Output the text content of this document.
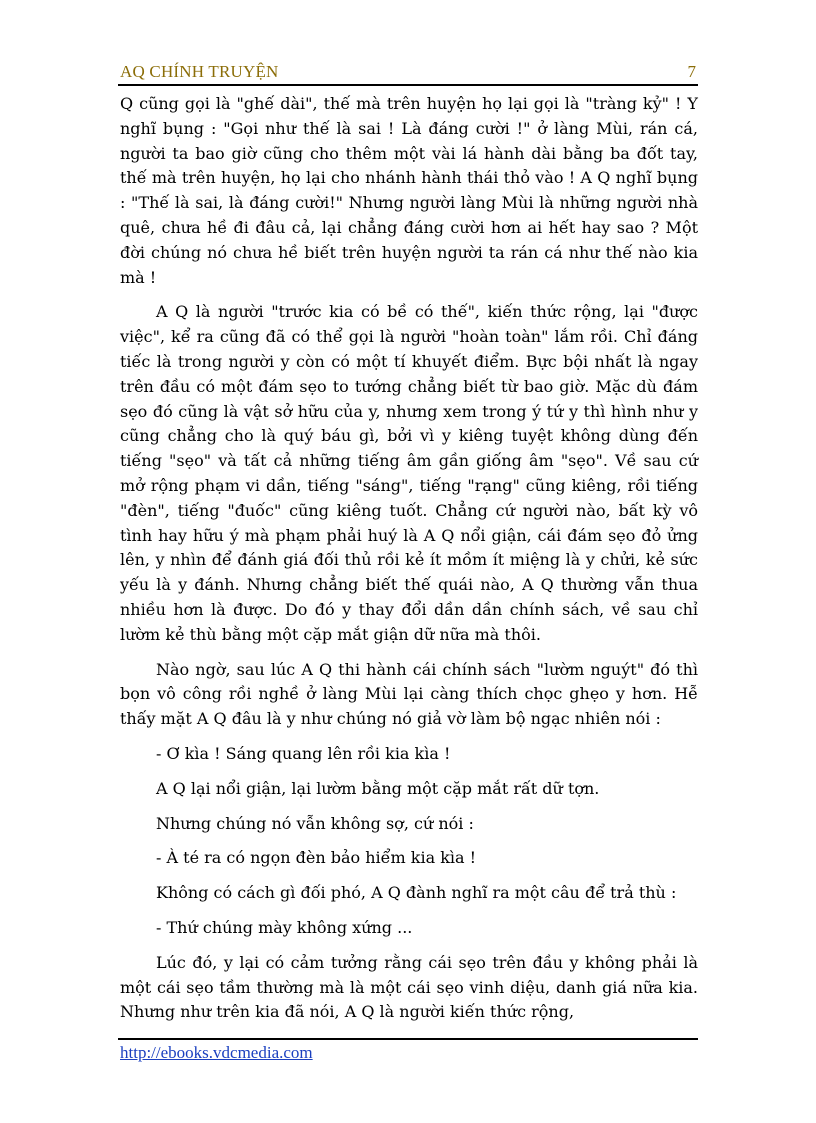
AQ CHÍNH TRUYỆN	7

Q cũng gọi là "ghế dài", thế mà trên huyện họ lại gọi là "tràng kỷ" ! Y nghĩ bụng : "Gọi như thế là sai ! Là đáng cười !" ở làng Mùi, rán cá, người ta bao giờ cũng cho thêm một vài lá hành dài bằng ba đốt tay, thế mà trên huyện, họ lại cho nhánh hành thái thỏ vào ! A Q nghĩ bụng : "Thế là sai, là đáng cười!" Nhưng người làng Mùi là những người nhà quê, chưa hề đi đâu cả, lại chẳng đáng cười hơn ai hết hay sao ? Một đời chúng nó chưa hề biết trên huyện người ta rán cá như thế nào kia mà !

A Q là người "trước kia có bề có thế", kiến thức rộng, lại "được việc", kể ra cũng đã có thể gọi là người "hoàn toàn" lắm rồi. Chỉ đáng tiếc là trong người y còn có một tí khuyết điểm. Bực bội nhất là ngay trên đầu có một đám sẹo to tướng chẳng biết từ bao giờ. Mặc dù đám sẹo đó cũng là vật sở hữu của y, nhưng xem trong ý tứ y thì hình như y cũng chẳng cho là quý báu gì, bởi vì y kiêng tuyệt không dùng đến tiếng "sẹo" và tất cả những tiếng âm gần giống âm "sẹo". Về sau cứ mở rộng phạm vi dần, tiếng "sáng", tiếng "rạng" cũng kiêng, rồi tiếng "đèn", tiếng "đuốc" cũng kiêng tuốt. Chẳng cứ người nào, bất kỳ vô tình hay hữu ý mà phạm phải huý là A Q nổi giận, cái đám sẹo đỏ ửng lên, y nhìn để đánh giá đối thủ rồi kẻ ít mồm ít miệng là y chửi, kẻ sức yếu là y đánh. Nhưng chẳng biết thế quái nào, A Q thường vẫn thua nhiều hơn là được. Do đó y thay đổi dần dần chính sách, về sau chỉ lườm kẻ thù bằng một cặp mắt giận dữ nữa mà thôi.

Nào ngờ, sau lúc A Q thi hành cái chính sách "lườm nguýt" đó thì bọn vô công rồi nghề ở làng Mùi lại càng thích chọc ghẹo y hơn. Hễ thấy mặt A Q đâu là y như chúng nó giả vờ làm bộ ngạc nhiên nói :

- Ơ kìa ! Sáng quang lên rồi kia kìa !

A Q lại nổi giận, lại lườm bằng một cặp mắt rất dữ tợn.

Nhưng chúng nó vẫn không sợ, cứ nói :

- À té ra có ngọn đèn bảo hiểm kia kìa !

Không có cách gì đối phó, A Q đành nghĩ ra một câu để trả thù :

- Thứ chúng mày không xứng ...

Lúc đó, y lại có cảm tưởng rằng cái sẹo trên đầu y không phải là một cái sẹo tầm thường mà là một cái sẹo vinh diệu, danh giá nữa kia. Nhưng như trên kia đã nói, A Q là người kiến thức rộng,

http://ebooks.vdcmedia.com
